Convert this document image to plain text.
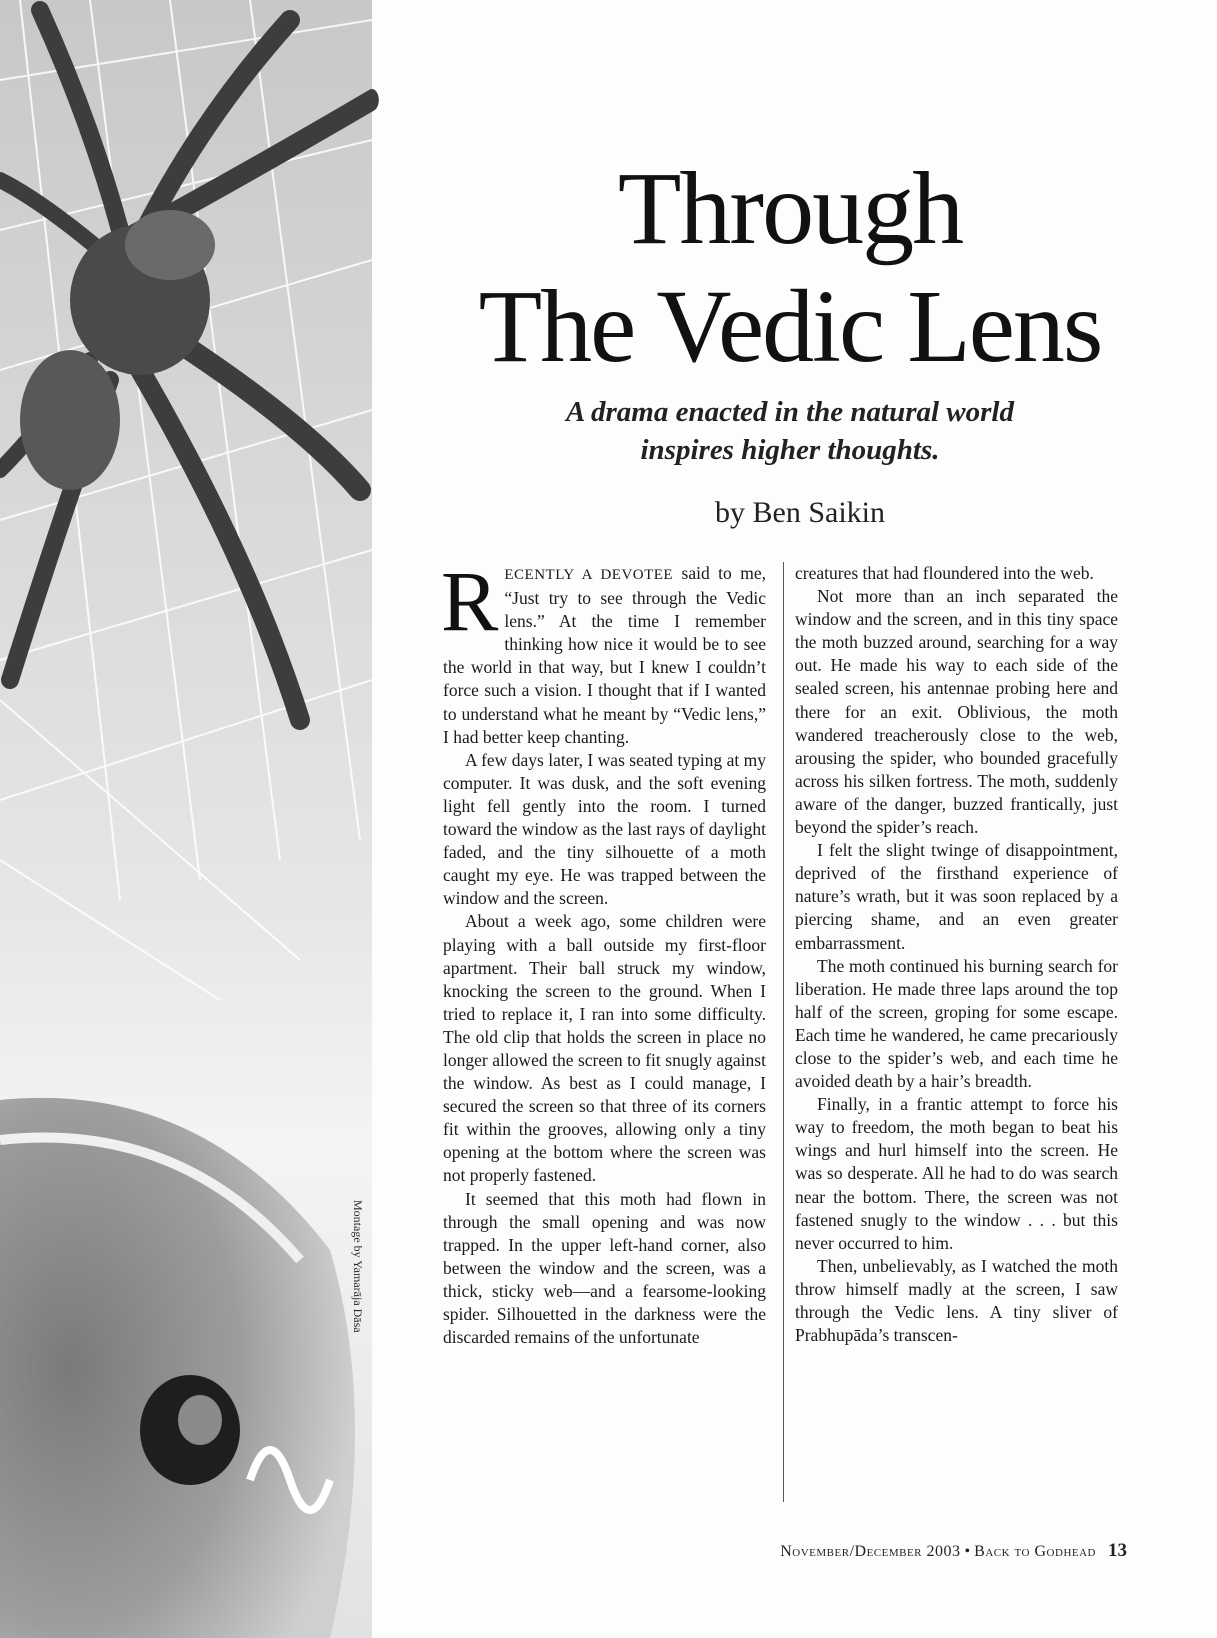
Montage by Yamarāja Dāsa
Through
The Vedic Lens
A drama enacted in the natural world
inspires higher thoughts.
by Ben Saikin

RECENTLY A DEVOTEE said to me, “Just try to see through the Vedic lens.” At the time I remember thinking how nice it would be to see the world in that way, but I knew I couldn’t force such a vision. I thought that if I wanted to understand what he meant by “Vedic lens,” I had better keep chanting.

A few days later, I was seated typing at my computer. It was dusk, and the soft evening light fell gently into the room. I turned toward the window as the last rays of daylight faded, and the tiny silhouette of a moth caught my eye. He was trapped between the window and the screen.

About a week ago, some children were playing with a ball outside my first-floor apartment. Their ball struck my window, knocking the screen to the ground. When I tried to replace it, I ran into some difficulty. The old clip that holds the screen in place no longer allowed the screen to fit snugly against the window. As best as I could manage, I secured the screen so that three of its corners fit within the grooves, allowing only a tiny opening at the bottom where the screen was not properly fastened.

It seemed that this moth had flown in through the small opening and was now trapped. In the upper left-hand corner, also between the window and the screen, was a thick, sticky web—and a fearsome-looking spider. Silhouetted in the darkness were the discarded remains of the unfortunate

creatures that had floundered into the web.

Not more than an inch separated the window and the screen, and in this tiny space the moth buzzed around, searching for a way out. He made his way to each side of the sealed screen, his antennae probing here and there for an exit. Oblivious, the moth wandered treacherously close to the web, arousing the spider, who bounded gracefully across his silken fortress. The moth, suddenly aware of the danger, buzzed frantically, just beyond the spider’s reach.

I felt the slight twinge of disappointment, deprived of the firsthand experience of nature’s wrath, but it was soon replaced by a piercing shame, and an even greater embarrassment.

The moth continued his burning search for liberation. He made three laps around the top half of the screen, groping for some escape. Each time he wandered, he came precariously close to the spider’s web, and each time he avoided death by a hair’s breadth.

Finally, in a frantic attempt to force his way to freedom, the moth began to beat his wings and hurl himself into the screen. He was so desperate. All he had to do was search near the bottom. There, the screen was not fastened snugly to the window . . . but this never occurred to him.

Then, unbelievably, as I watched the moth throw himself madly at the screen, I saw through the Vedic lens. A tiny sliver of Prabhupāda’s transcen-

November/December 2003 • Back to Godhead 13
